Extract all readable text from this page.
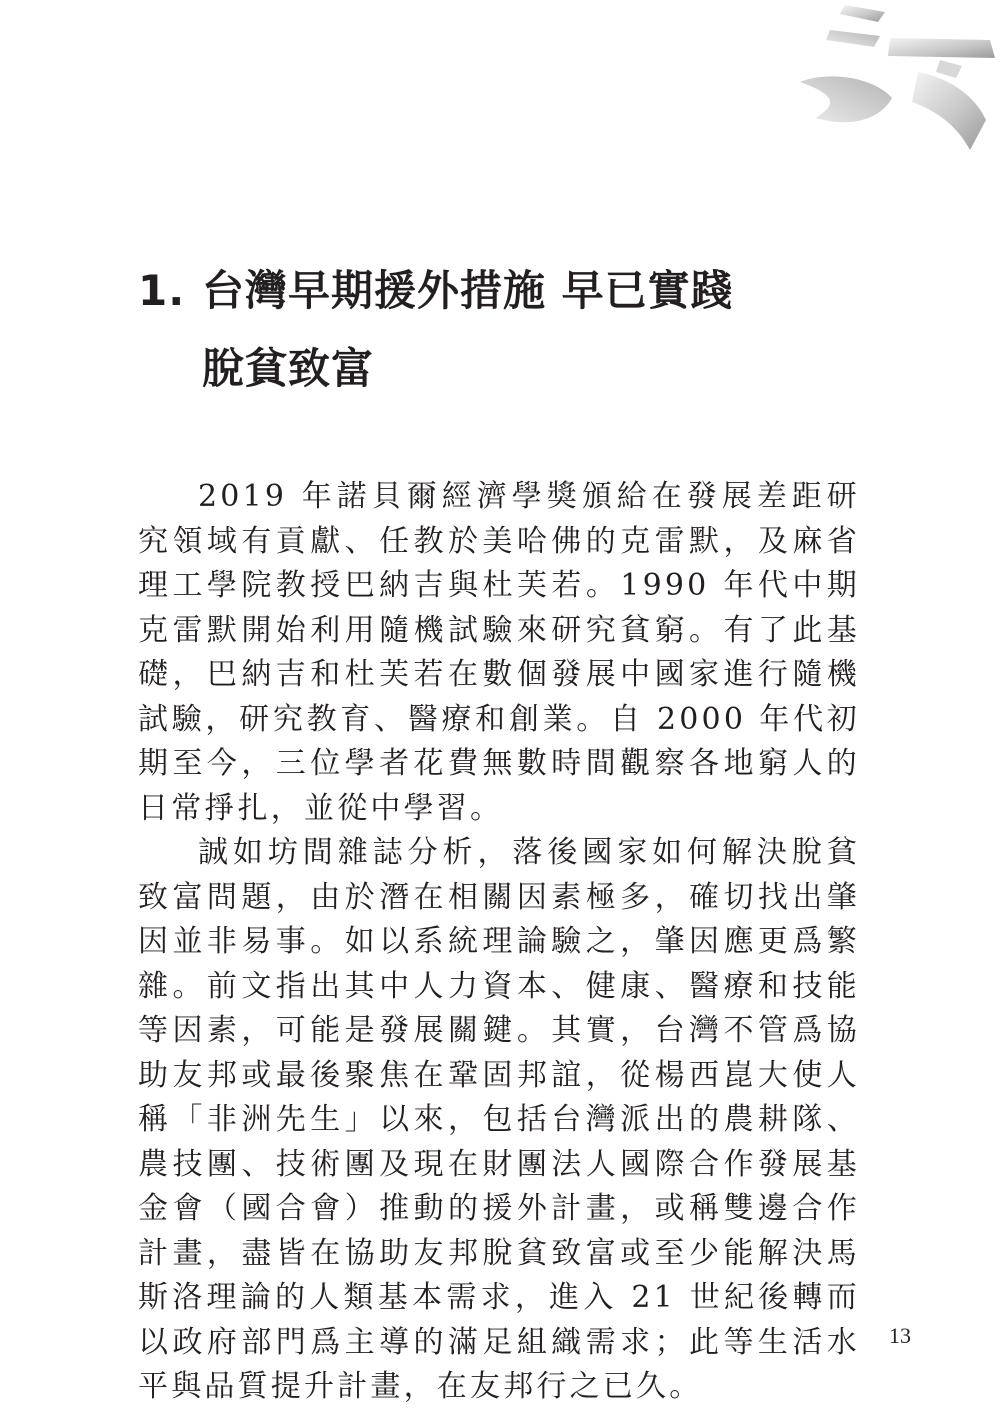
1. 台灣早期援外措施 早已實踐
脫貧致富

2019 年諾貝爾經濟學獎頒給在發展差距研究領域有貢獻、任教於美哈佛的克雷默，及麻省理工學院教授巴納吉與杜芙若。1990 年代中期克雷默開始利用隨機試驗來研究貧窮。有了此基礎，巴納吉和杜芙若在數個發展中國家進行隨機試驗，研究教育、醫療和創業。自 2000 年代初期至今，三位學者花費無數時間觀察各地窮人的日常掙扎，並從中學習。

誠如坊間雜誌分析，落後國家如何解決脫貧致富問題，由於潛在相關因素極多，確切找出肇因並非易事。如以系統理論驗之，肇因應更爲繁雜。前文指出其中人力資本、健康、醫療和技能等因素，可能是發展關鍵。其實，台灣不管爲協助友邦或最後聚焦在鞏固邦誼，從楊西崑大使人稱「非洲先生」以來，包括台灣派出的農耕隊、農技團、技術團及現在財團法人國際合作發展基金會（國合會）推動的援外計畫，或稱雙邊合作計畫，盡皆在協助友邦脫貧致富或至少能解決馬斯洛理論的人類基本需求，進入 21 世紀後轉而以政府部門爲主導的滿足組織需求；此等生活水平與品質提升計畫，在友邦行之已久。

13
